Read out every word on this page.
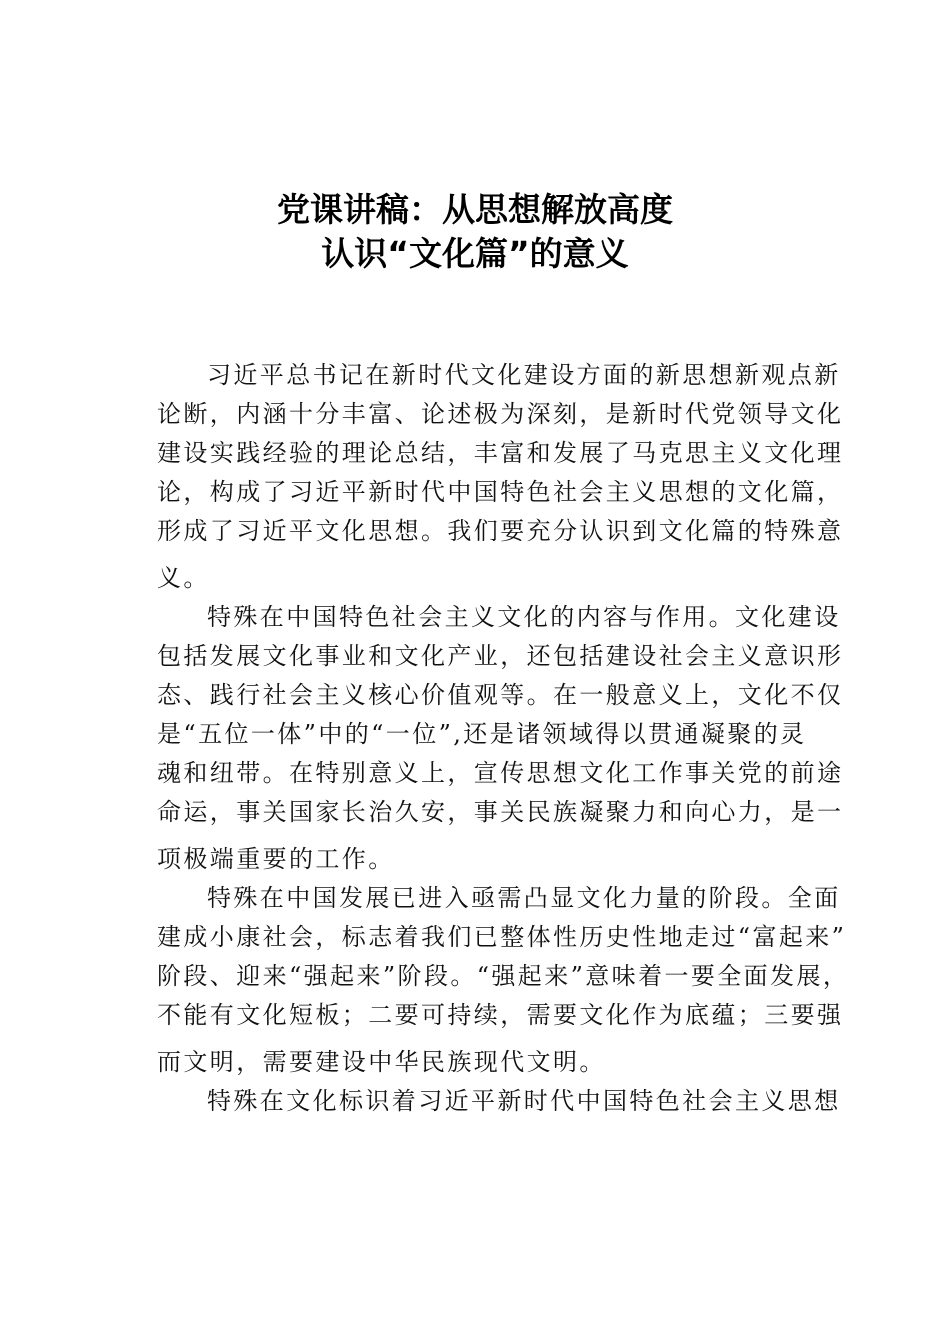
党课讲稿：从思想解放高度
认识“文化篇”的意义
习近平总书记在新时代文化建设方面的新思想新观点新
论断，内涵十分丰富、论述极为深刻，是新时代党领导文化
建设实践经验的理论总结，丰富和发展了马克思主义文化理
论，构成了习近平新时代中国特色社会主义思想的文化篇，
形成了习近平文化思想。我们要充分认识到文化篇的特殊意
义。
特殊在中国特色社会主义文化的内容与作用。文化建设
包括发展文化事业和文化产业，还包括建设社会主义意识形
态、践行社会主义核心价值观等。在一般意义上，文化不仅
是“五位一体”中的“一位”,还是诸领域得以贯通凝聚的灵
魂和纽带。在特别意义上，宣传思想文化工作事关党的前途
命运，事关国家长治久安，事关民族凝聚力和向心力，是一
项极端重要的工作。
特殊在中国发展已进入亟需凸显文化力量的阶段。全面
建成小康社会，标志着我们已整体性历史性地走过“富起来”
阶段、迎来“强起来”阶段。“强起来”意味着一要全面发展，
不能有文化短板；二要可持续，需要文化作为底蕴；三要强
而文明，需要建设中华民族现代文明。
特殊在文化标识着习近平新时代中国特色社会主义思想
